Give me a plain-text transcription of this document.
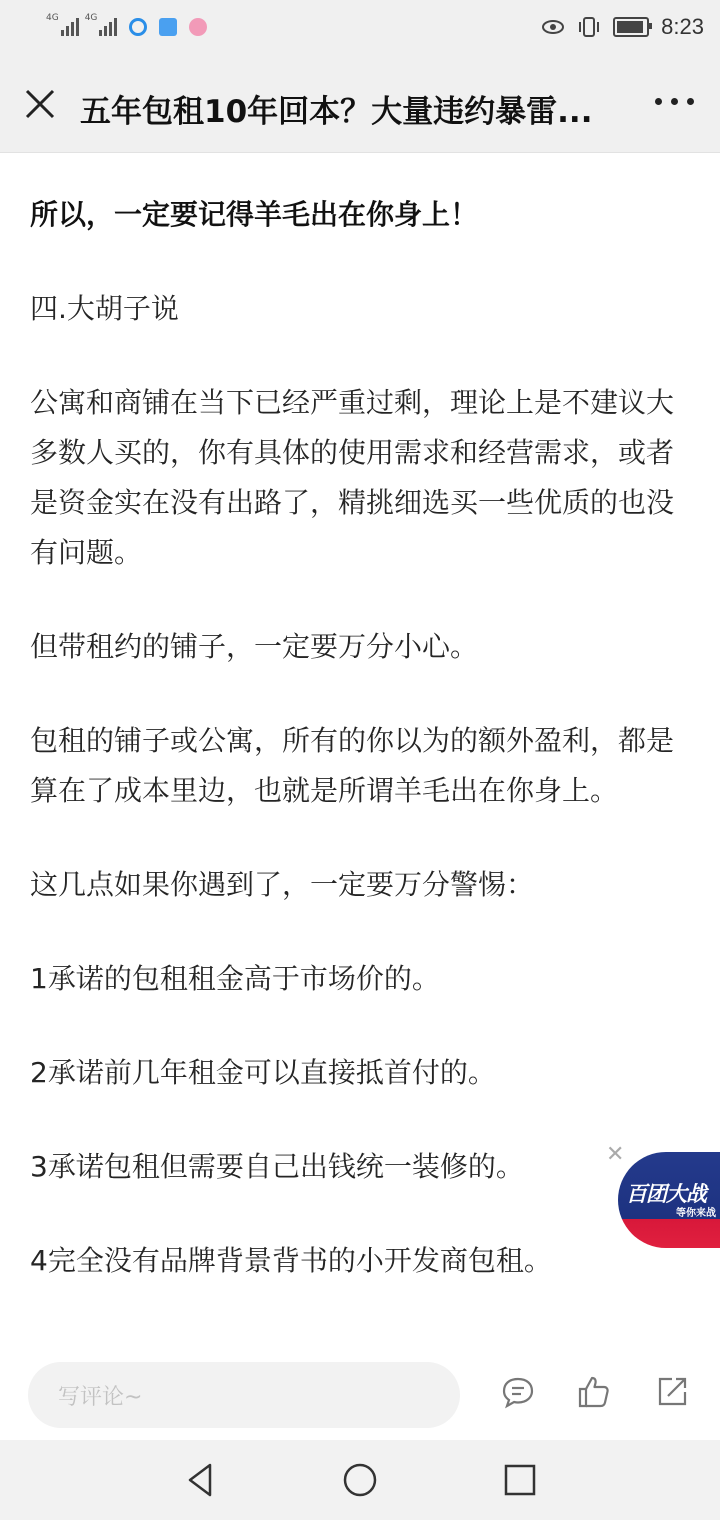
4G	4G	8:23
五年包租10年回本？大量违约暴雷...

所以，一定要记得羊毛出在你身上！

四.大胡子说

公寓和商铺在当下已经严重过剩，理论上是不建议大多数人买的，你有具体的使用需求和经营需求，或者是资金实在没有出路了，精挑细选买一些优质的也没有问题。

但带租约的铺子，一定要万分小心。

包租的铺子或公寓，所有的你以为的额外盈利，都是算在了成本里边，也就是所谓羊毛出在你身上。

这几点如果你遇到了，一定要万分警惕：

1承诺的包租租金高于市场价的。

2承诺前几年租金可以直接抵首付的。

3承诺包租但需要自己出钱统一装修的。

4完全没有品牌背景背书的小开发商包租。

✕
百团大战
等你来战
写评论~
